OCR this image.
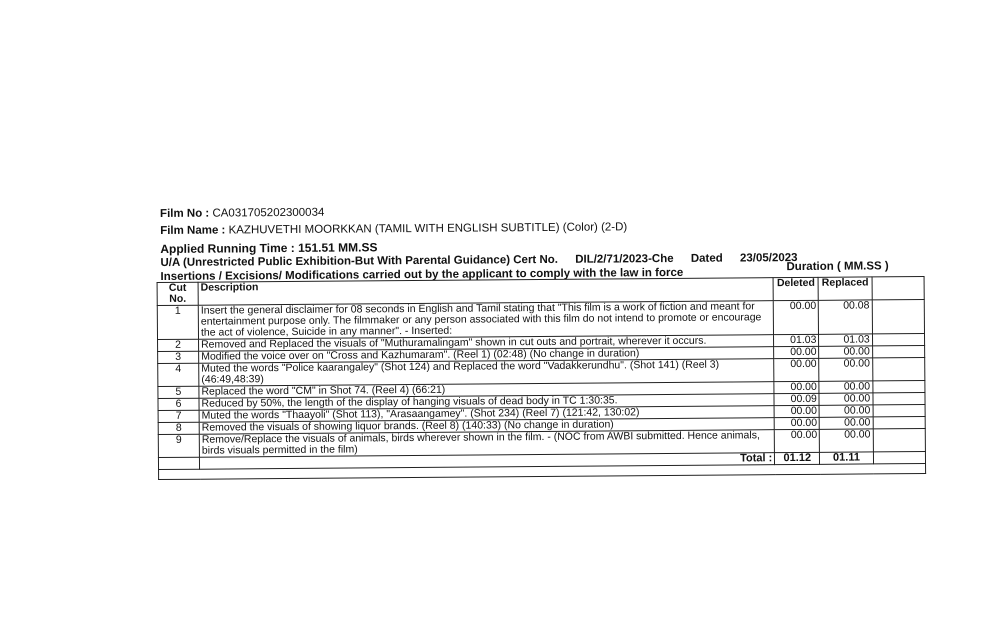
Film No : CA031705202300034
Film Name : KAZHUVETHI MOORKKAN (TAMIL WITH ENGLISH SUBTITLE) (Color) (2-D)
Applied Running Time : 151.51 MM.SS
U/A (Unrestricted Public Exhibition-But With Parental Guidance) Cert No. DIL/2/71/2023-Che Dated 23/05/2023
Insertions / Excisions/ Modifications carried out by the applicant to comply with the law in force
Duration ( MM.SS )
Cut No.	Description	Deleted	Replaced	
1	Insert the general disclaimer for 08 seconds in English and Tamil stating that "This film is a work of fiction and meant for entertainment purpose only. The filmmaker or any person associated with this film do not intend to promote or encourage the act of violence, Suicide in any manner". - Inserted:	00.00	00.08	
2	Removed and Replaced the visuals of "Muthuramalingam" shown in cut outs and portrait, wherever it occurs.	01.03	01.03	
3	Modified the voice over on "Cross and Kazhumaram". (Reel 1) (02:48) (No change in duration)	00.00	00.00	
4	Muted the words "Police kaarangaley" (Shot 124) and Replaced the word "Vadakkerundhu". (Shot 141) (Reel 3) (46:49,48:39)	00.00	00.00	
5	Replaced the word "CM" in Shot 74. (Reel 4) (66:21)	00.00	00.00	
6	Reduced by 50%, the length of the display of hanging visuals of dead body in TC 1:30:35.	00.09	00.00	
7	Muted the words "Thaayoli" (Shot 113), "Arasaangamey". (Shot 234) (Reel 7) (121:42, 130:02)	00.00	00.00	
8	Removed the visuals of showing liquor brands. (Reel 8) (140:33) (No change in duration)	00.00	00.00	
9	Remove/Replace the visuals of animals, birds wherever shown in the film. - (NOC from AWBI submitted. Hence animals, birds visuals permitted in the film)	00.00	00.00	
	Total :	01.12	01.11	
